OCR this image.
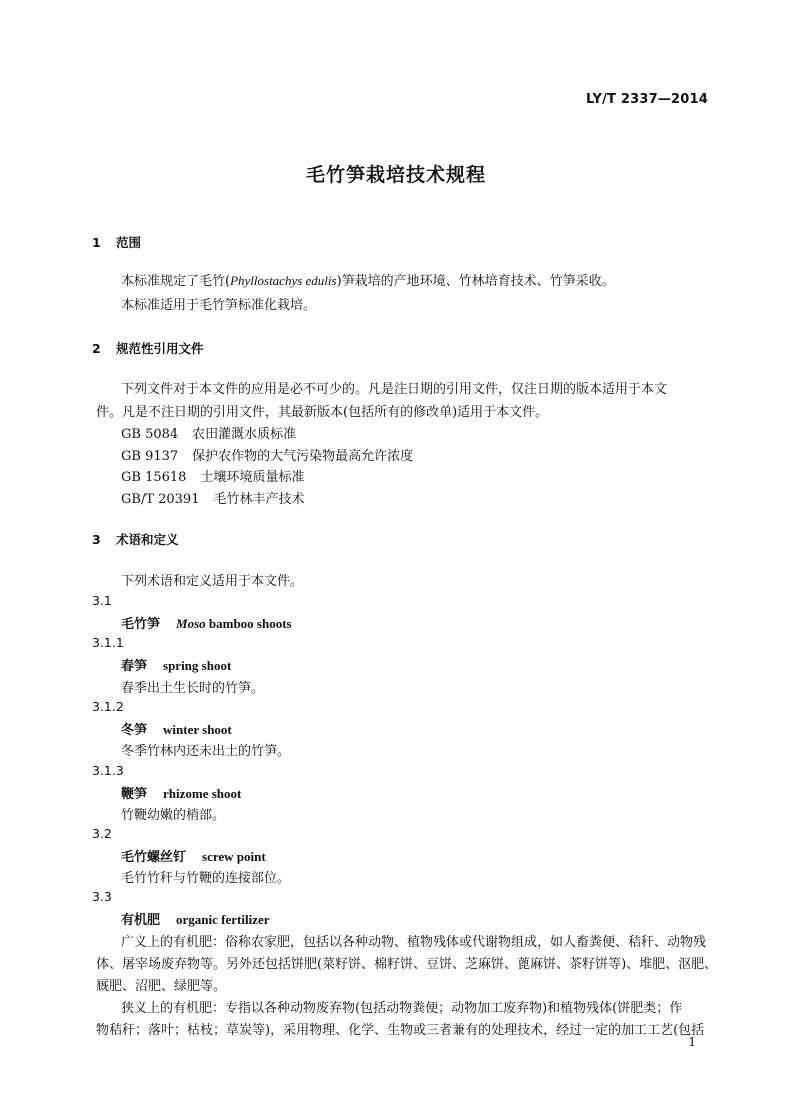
LY/T 2337—2014
毛竹笋栽培技术规程
1 范围
本标准规定了毛竹(Phyllostachys edulis)笋栽培的产地环境、竹林培育技术、竹笋采收。
本标准适用于毛竹笋标准化栽培。
2 规范性引用文件
下列文件对于本文件的应用是必不可少的。凡是注日期的引用文件，仅注日期的版本适用于本文
件。凡是不注日期的引用文件，其最新版本(包括所有的修改单)适用于本文件。
GB 5084 农田灌溉水质标准
GB 9137 保护农作物的大气污染物最高允许浓度
GB 15618 土壤环境质量标准
GB/T 20391 毛竹林丰产技术
3 术语和定义
下列术语和定义适用于本文件。
3.1
毛竹笋 Moso bamboo shoots
3.1.1
春笋 spring shoot
春季出土生长时的竹笋。
3.1.2
冬笋 winter shoot
冬季竹林内还未出土的竹笋。
3.1.3
鞭笋 rhizome shoot
竹鞭幼嫩的梢部。
3.2
毛竹螺丝钉 screw point
毛竹竹秆与竹鞭的连接部位。
3.3
有机肥 organic fertilizer
广义上的有机肥：俗称农家肥，包括以各种动物、植物残体或代谢物组成，如人畜粪便、秸秆、动物残
体、屠宰场废弃物等。另外还包括饼肥(菜籽饼、棉籽饼、豆饼、芝麻饼、蓖麻饼、茶籽饼等)、堆肥、沤肥、
厩肥、沼肥、绿肥等。
狭义上的有机肥：专指以各种动物废弃物(包括动物粪便；动物加工废弃物)和植物残体(饼肥类；作
物秸秆；落叶；枯枝；草炭等)，采用物理、化学、生物或三者兼有的处理技术，经过一定的加工工艺(包括
1
